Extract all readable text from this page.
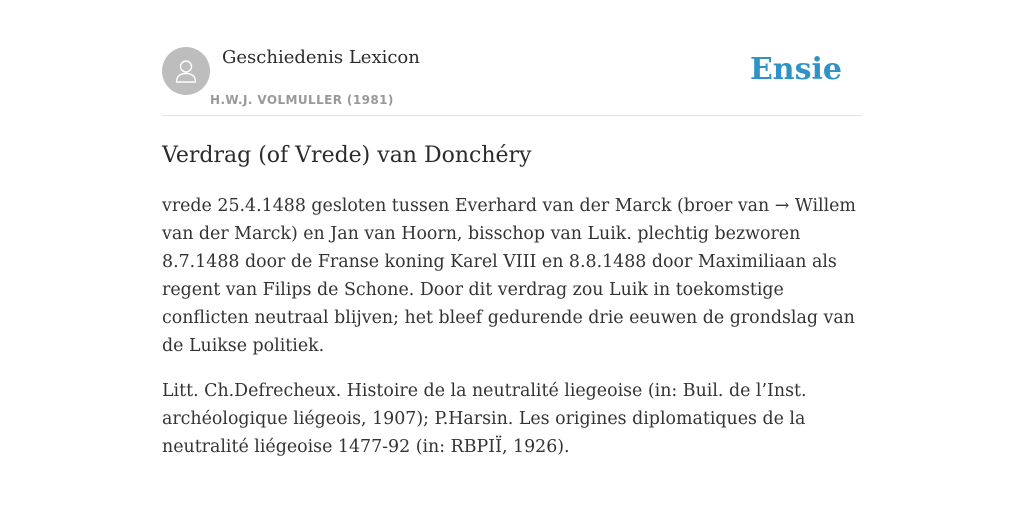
Geschiedenis Lexicon
H.W.J. VOLMULLER (1981)
Ensie
Verdrag (of Vrede) van Donchéry

vrede 25.4.1488 gesloten tussen Everhard van der Marck (broer van → Willem van der Marck) en Jan van Hoorn, bisschop van Luik. plechtig bezworen 8.7.1488 door de Franse koning Karel VIII en 8.8.1488 door Maximiliaan als regent van Filips de Schone. Door dit verdrag zou Luik in toekomstige conflicten neutraal blijven; het bleef gedurende drie eeuwen de grondslag van de Luikse politiek.

Litt. Ch.Defrecheux. Histoire de la neutralité liegeoise (in: Buil. de l’Inst. archéologique liégeois, 1907); P.Harsin. Les origines diplomatiques de la neutralité liégeoise 1477-92 (in: RBPIÏ, 1926).
